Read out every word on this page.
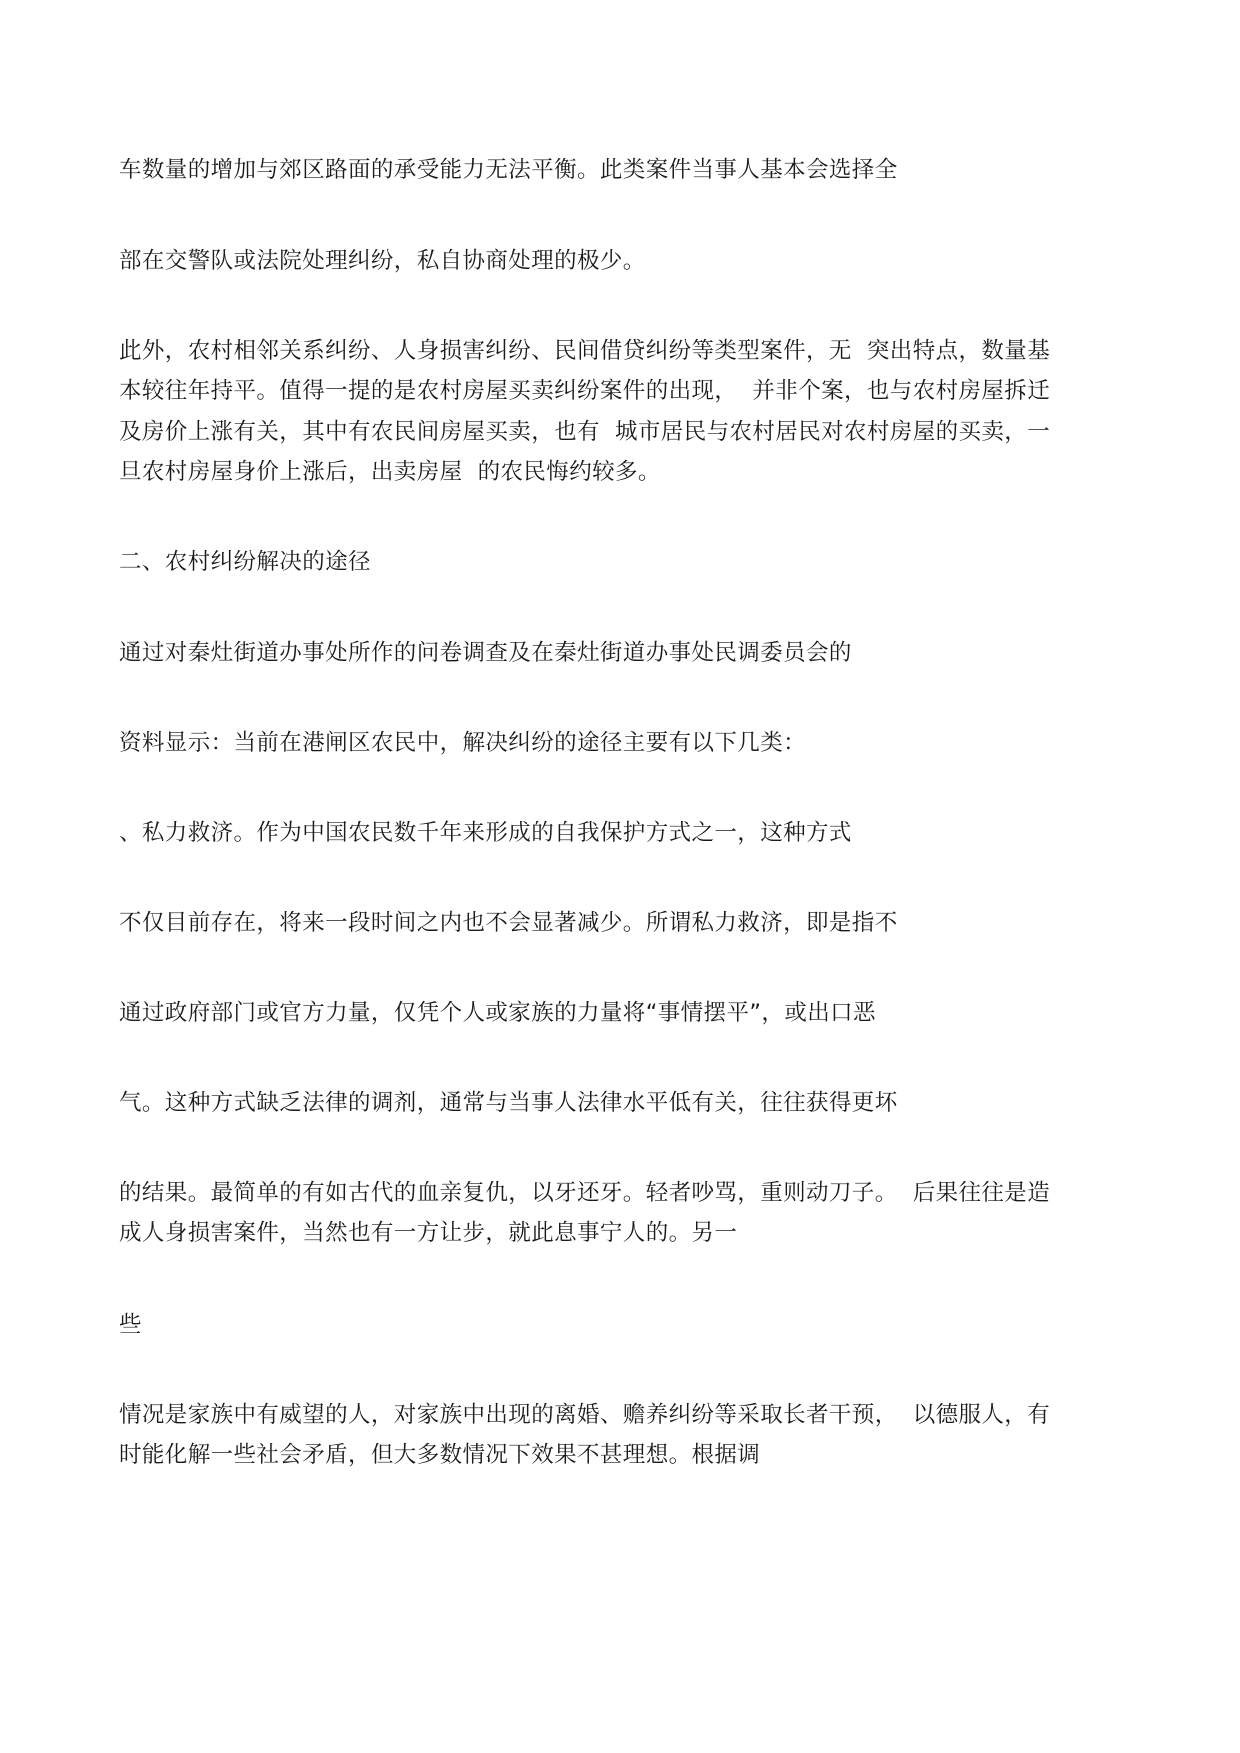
车数量的增加与郊区路面的承受能力无法平衡。此类案件当事人基本会选择全

部在交警队或法院处理纠纷，私自协商处理的极少。

此外，农村相邻关系纠纷、人身损害纠纷、民间借贷纠纷等类型案件，无  突出特点，数量基

本较往年持平。值得一提的是农村房屋买卖纠纷案件的出现，  并非个案，也与农村房屋拆迁

及房价上涨有关，其中有农民间房屋买卖，也有  城市居民与农村居民对农村房屋的买卖，一

旦农村房屋身价上涨后，出卖房屋  的农民悔约较多。

二、农村纠纷解决的途径

通过对秦灶街道办事处所作的问卷调查及在秦灶街道办事处民调委员会的

资料显示：当前在港闸区农民中，解决纠纷的途径主要有以下几类：

、私力救济。作为中国农民数千年来形成的自我保护方式之一，这种方式

不仅目前存在，将来一段时间之内也不会显著减少。所谓私力救济，即是指不

通过政府部门或官方力量，仅凭个人或家族的力量将“事情摆平”，或出口恶

气。这种方式缺乏法律的调剂，通常与当事人法律水平低有关，往往获得更坏

的结果。最简单的有如古代的血亲复仇，以牙还牙。轻者吵骂，重则动刀子。  后果往往是造

成人身损害案件，当然也有一方让步，就此息事宁人的。另一

些

情况是家族中有威望的人，对家族中出现的离婚、赡养纠纷等采取长者干预，  以德服人，有

时能化解一些社会矛盾，但大多数情况下效果不甚理想。根据调
